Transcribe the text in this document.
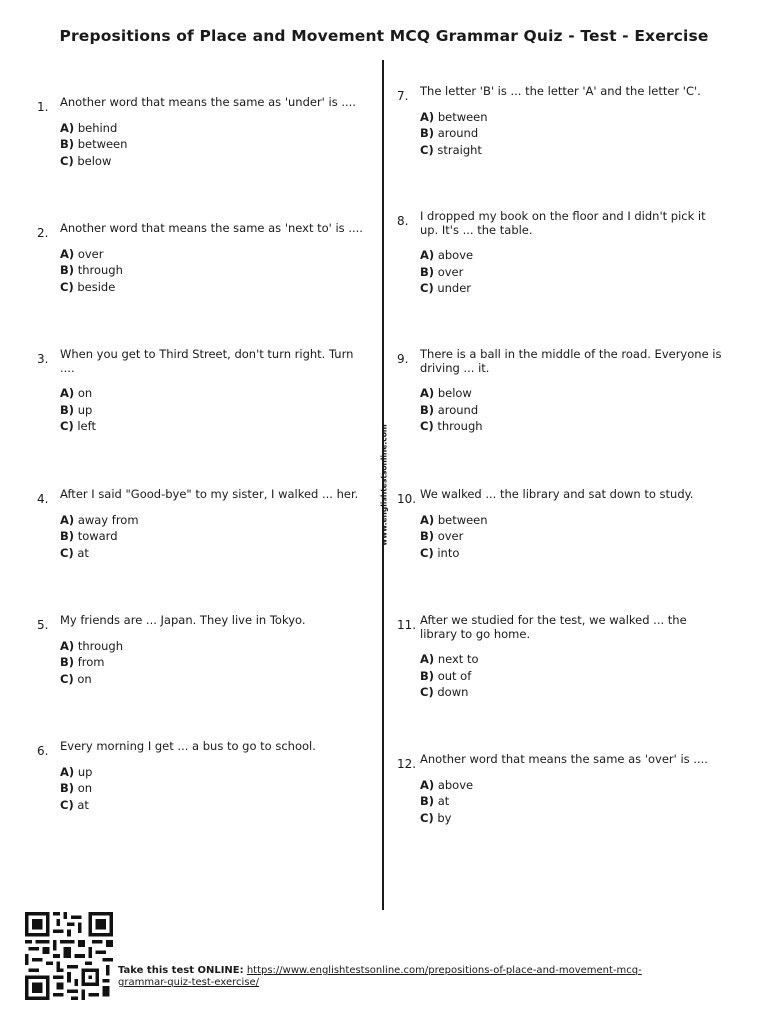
Prepositions of Place and Movement MCQ Grammar Quiz - Test - Exercise
www.englishtestsonline.com
1. Another word that means the same as 'under' is ....
A) behind
B) between
C) below
2. Another word that means the same as 'next to' is ....
A) over
B) through
C) beside
3. When you get to Third Street, don't turn right. Turn ....
A) on
B) up
C) left
4. After I said "Good-bye" to my sister, I walked ... her.
A) away from
B) toward
C) at
5. My friends are ... Japan. They live in Tokyo.
A) through
B) from
C) on
6. Every morning I get ... a bus to go to school.
A) up
B) on
C) at
7. The letter 'B' is ... the letter 'A' and the letter 'C'.
A) between
B) around
C) straight
8. I dropped my book on the floor and I didn't pick it up. It's ... the table.
A) above
B) over
C) under
9. There is a ball in the middle of the road. Everyone is driving ... it.
A) below
B) around
C) through
10. We walked ... the library and sat down to study.
A) between
B) over
C) into
11. After we studied for the test, we walked ... the library to go home.
A) next to
B) out of
C) down
12. Another word that means the same as 'over' is ....
A) above
B) at
C) by
Take this test ONLINE: https://www.englishtestsonline.com/prepositions-of-place-and-movement-mcq-grammar-quiz-test-exercise/
